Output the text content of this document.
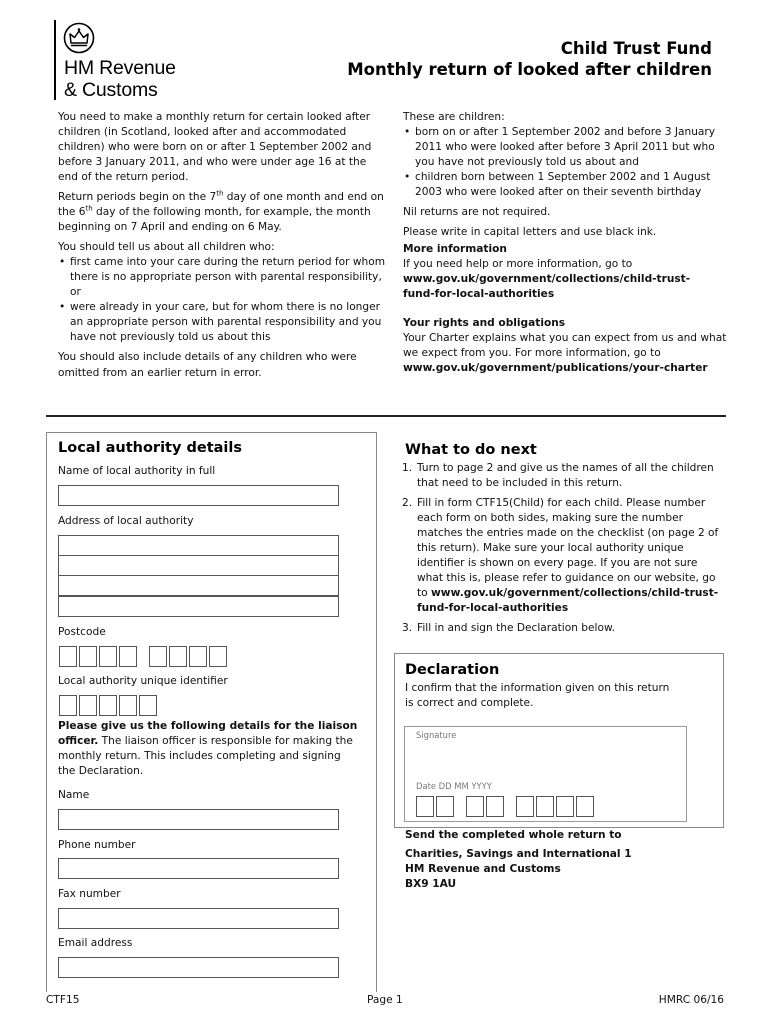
HM Revenue
& Customs
Child Trust Fund
Monthly return of looked after children

You need to make a monthly return for certain looked after children (in Scotland, looked after and accommodated children) who were born on or after 1 September 2002 and before 3 January 2011, and who were under age 16 at the end of the return period.

Return periods begin on the 7th day of one month and end on the 6th day of the following month, for example, the month beginning on 7 April and ending on 6 May.

You should tell us about all children who:

• first came into your care during the return period for whom there is no appropriate person with parental responsibility, or
• were already in your care, but for whom there is no longer an appropriate person with parental responsibility and you have not previously told us about this

You should also include details of any children who were omitted from an earlier return in error.

These are children:

• born on or after 1 September 2002 and before 3 January 2011 who were looked after before 3 April 2011 but who you have not previously told us about and
• children born between 1 September 2002 and 1 August 2003 who were looked after on their seventh birthday

Nil returns are not required.

Please write in capital letters and use black ink.

More information

If you need help or more information, go to

www.gov.uk/government/collections/child-trust-fund-for-local-authorities

Your rights and obligations

Your Charter explains what you can expect from us and what we expect from you. For more information, go to

www.gov.uk/government/publications/your-charter

Local authority details
Name of local authority in full
Address of local authority
Postcode
Local authority unique identifier
Please give us the following details for the liaison officer. The liaison officer is responsible for making the monthly return. This includes completing and signing the Declaration.
Name
Phone number
Fax number
Email address
What to do next
1. Turn to page 2 and give us the names of all the children that need to be included in this return.
2. Fill in form CTF15(Child) for each child. Please number each form on both sides, making sure the number matches the entries made on the checklist (on page 2 of this return). Make sure your local authority unique identifier is shown on every page. If you are not sure what this is, please refer to guidance on our website, go to www.gov.uk/government/collections/child-trust-fund-for-local-authorities
3. Fill in and sign the Declaration below.
Declaration
I confirm that the information given on this return is correct and complete.
Signature
Date DD MM YYYY
Send the completed whole return to
Charities, Savings and International 1
HM Revenue and Customs
BX9 1AU
CTF15	Page 1	HMRC 06/16
